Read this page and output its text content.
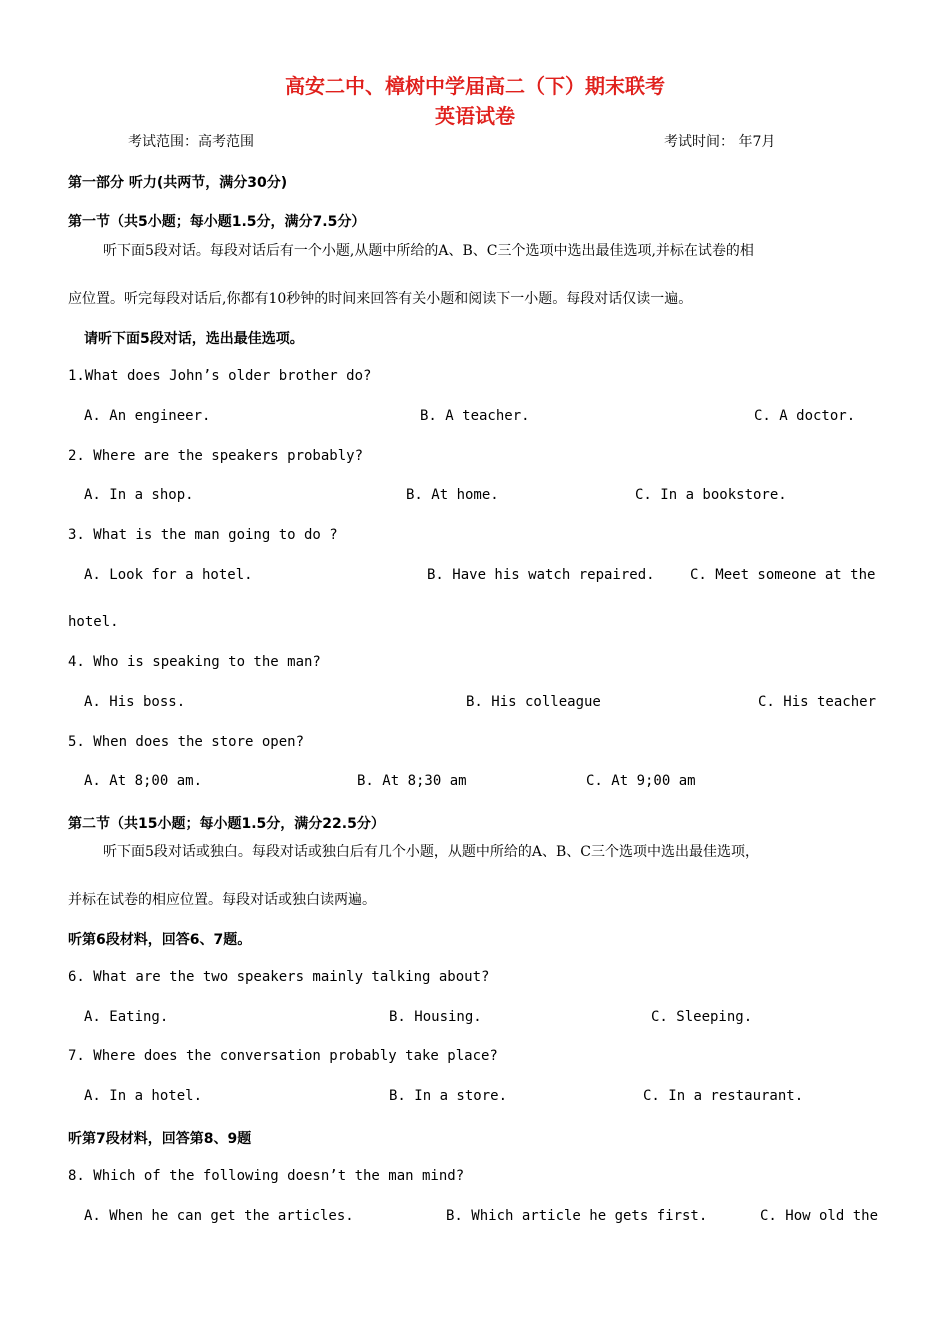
高安二中、樟树中学届高二（下）期末联考
英语试卷
考试范围：高考范围	考试时间： 年7月
第一部分 听力(共两节，满分30分)
第一节（共5小题；每小题1.5分，满分7.5分）
听下面5段对话。每段对话后有一个小题,从题中所给的A、B、C三个选项中选出最佳选项,并标在试卷的相
应位置。听完每段对话后,你都有10秒钟的时间来回答有关小题和阅读下一小题。每段对话仅读一遍。
请听下面5段对话，选出最佳选项。
1.What does John’s older brother do?
A. An engineer.	B. A teacher.	C. A doctor.
2. Where are the speakers probably?
A. In a shop.	B. At home.	C. In a bookstore.
3. What is the man going to do ?
A. Look for a hotel.	B. Have his watch repaired.	C. Meet someone at the
hotel.
4. Who is speaking to the man?
A. His boss.	B. His colleague	C. His teacher
5. When does the store open?
A. At 8;00 am.	B. At 8;30 am	C. At 9;00 am
第二节（共15小题；每小题1.5分，满分22.5分）
听下面5段对话或独白。每段对话或独白后有几个小题，从题中所给的A、B、C三个选项中选出最佳选项，
并标在试卷的相应位置。每段对话或独白读两遍。
听第6段材料，回答6、7题。
6. What are the two speakers mainly talking about?
A. Eating.	B. Housing.	C. Sleeping.
7. Where does the conversation probably take place?
A. In a hotel.	B. In a store.	C. In a restaurant.
听第7段材料，回答第8、9题
8. Which of the following doesn’t the man mind?
A. When he can get the articles.	B. Which article he gets first.	C. How old the
